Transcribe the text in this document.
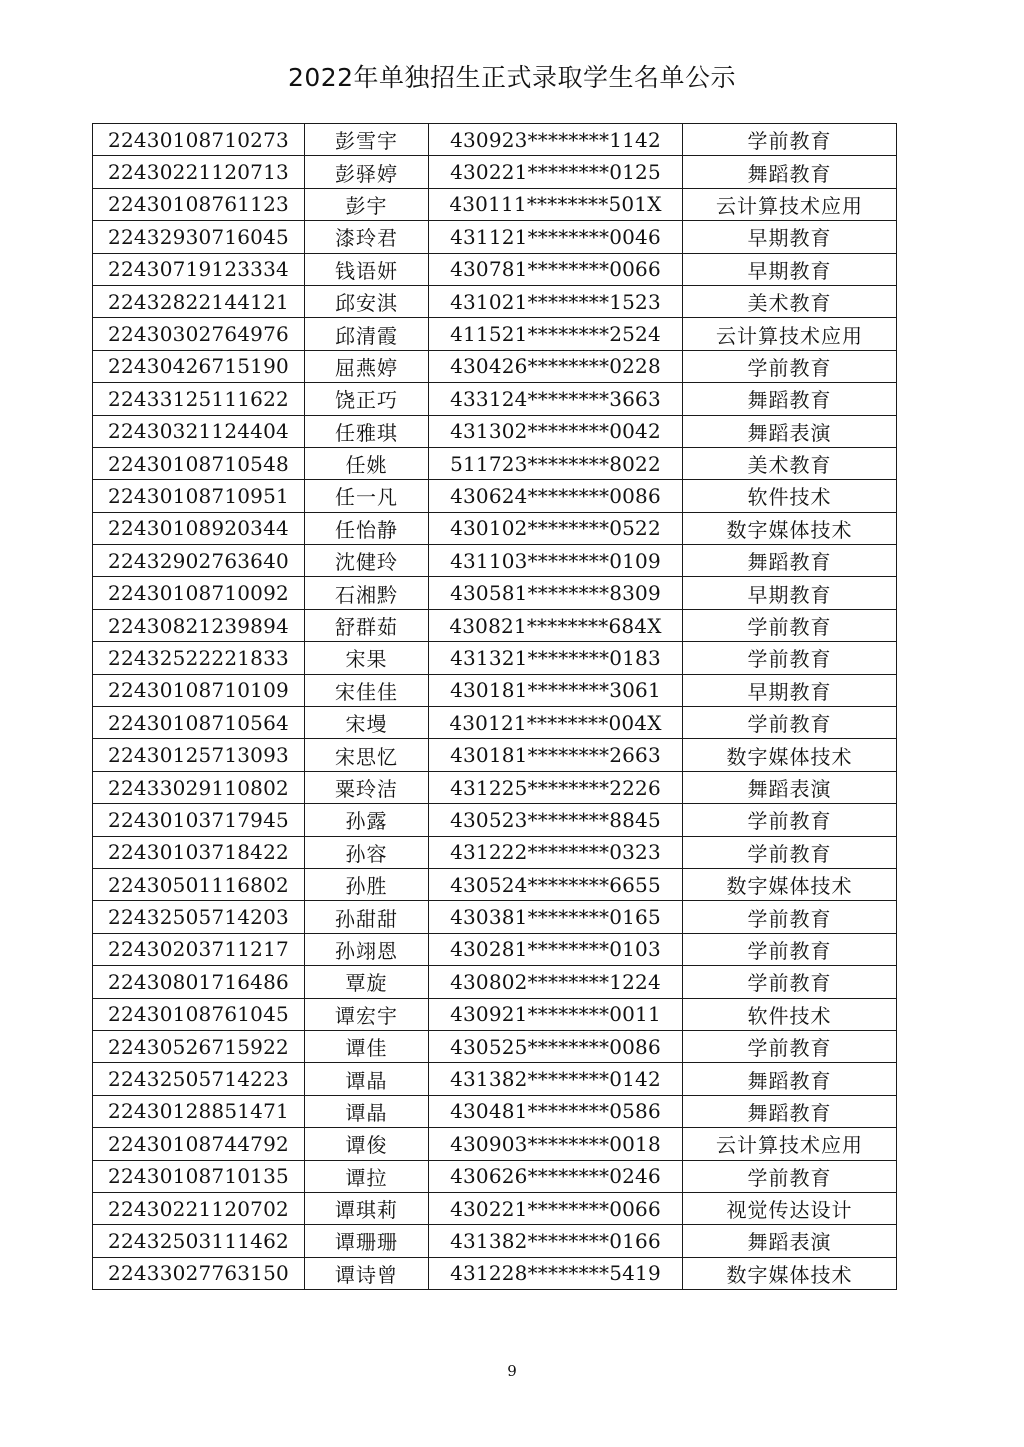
2022年单独招生正式录取学生名单公示
22430108710273	彭雪宇	430923********1142	学前教育
22430221120713	彭驿婷	430221********0125	舞蹈教育
22430108761123	彭宇	430111********501X	云计算技术应用
22432930716045	漆玲君	431121********0046	早期教育
22430719123334	钱语妍	430781********0066	早期教育
22432822144121	邱安淇	431021********1523	美术教育
22430302764976	邱清霞	411521********2524	云计算技术应用
22430426715190	屈燕婷	430426********0228	学前教育
22433125111622	饶正巧	433124********3663	舞蹈教育
22430321124404	任雅琪	431302********0042	舞蹈表演
22430108710548	任姚	511723********8022	美术教育
22430108710951	任一凡	430624********0086	软件技术
22430108920344	任怡静	430102********0522	数字媒体技术
22432902763640	沈健玲	431103********0109	舞蹈教育
22430108710092	石湘黔	430581********8309	早期教育
22430821239894	舒群茹	430821********684X	学前教育
22432522221833	宋果	431321********0183	学前教育
22430108710109	宋佳佳	430181********3061	早期教育
22430108710564	宋墁	430121********004X	学前教育
22430125713093	宋思忆	430181********2663	数字媒体技术
22433029110802	粟玲洁	431225********2226	舞蹈表演
22430103717945	孙露	430523********8845	学前教育
22430103718422	孙容	431222********0323	学前教育
22430501116802	孙胜	430524********6655	数字媒体技术
22432505714203	孙甜甜	430381********0165	学前教育
22430203711217	孙翊恩	430281********0103	学前教育
22430801716486	覃旋	430802********1224	学前教育
22430108761045	谭宏宇	430921********0011	软件技术
22430526715922	谭佳	430525********0086	学前教育
22432505714223	谭晶	431382********0142	舞蹈教育
22430128851471	谭晶	430481********0586	舞蹈教育
22430108744792	谭俊	430903********0018	云计算技术应用
22430108710135	谭拉	430626********0246	学前教育
22430221120702	谭琪莉	430221********0066	视觉传达设计
22432503111462	谭珊珊	431382********0166	舞蹈表演
22433027763150	谭诗曾	431228********5419	数字媒体技术
9
